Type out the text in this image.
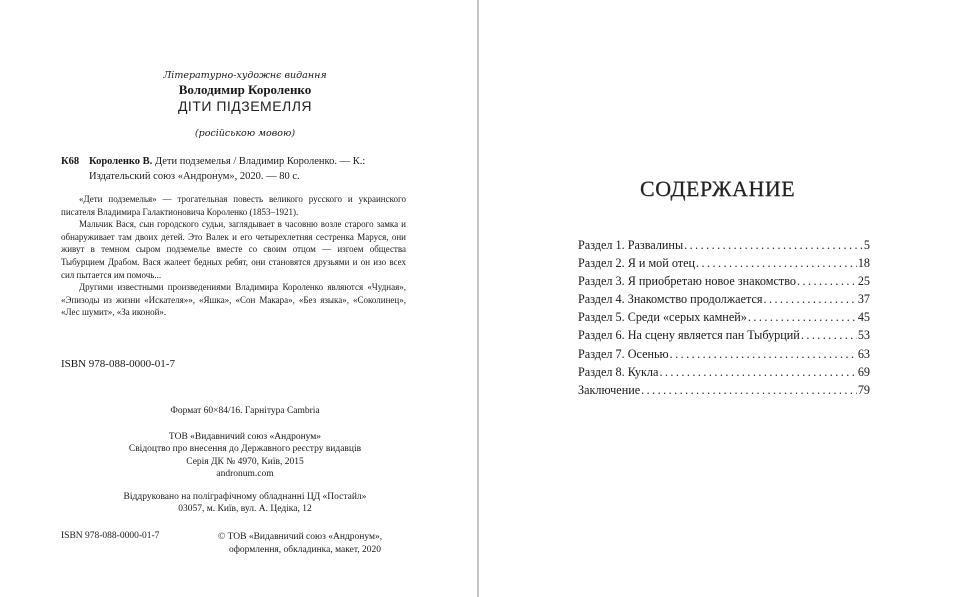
Літературно-художнє видання
Володимир Короленко
ДІТИ ПІДЗЕМЕЛЛЯ
(російською мовою)
К68 Короленко В. Дети подземелья / Владимир Короленко. — К.:
Издательский союз «Андронум», 2020. — 80 с.

«Дети подземелья» — трогательная повесть великого русского и украинского писателя Владимира Галактионовича Короленко (1853–1921).

Мальчик Вася, сын городского судьи, заглядывает в часовню возле старого замка и обнаруживает там двоих детей. Это Валек и его четырехлетняя сестренка Маруся, они живут в темном сыром подземелье вместе со своим отцом — изгоем общества Тыбурцием Драбом. Вася жалеет бедных ребят, они становятся друзьями и он изо всех сил пытается им помочь...

Другими известными произведениями Владимира Короленко являются «Чудная», «Эпизоды из жизни «Искателя»», «Яшка», «Сон Макара», «Без языка», «Соколинец», «Лес шумит», «За иконой».

ISBN 978-088-0000-01-7
Формат 60×84/16. Гарнітура Cambria
ТОВ «Видавничий союз «Андронум»
Свідоцтво про внесення до Державного реєстру видавців
Серія ДК № 4970, Київ, 2015
andronum.com
Віддруковано на поліграфічному обладнанні ЦД «Постайл»
03057, м. Київ, вул. А. Цедіка, 12
ISBN 978-088-0000-01-7	© ТОВ «Видавничий союз «Андронум»,
оформлення, обкладинка, макет, 2020
СОДЕРЖАНИЕ
Раздел 1. Развалины . . .	5
Раздел 2. Я и мой отец . . .	18
Раздел 3. Я приобретаю новое знакомство . . .	25
Раздел 4. Знакомство продолжается . . .	37
Раздел 5. Среди «серых камней» . . .	45
Раздел 6. На сцену является пан Тыбурций . . .	53
Раздел 7. Осенью . . .	63
Раздел 8. Кукла . . .	69
Заключение . . .	79
